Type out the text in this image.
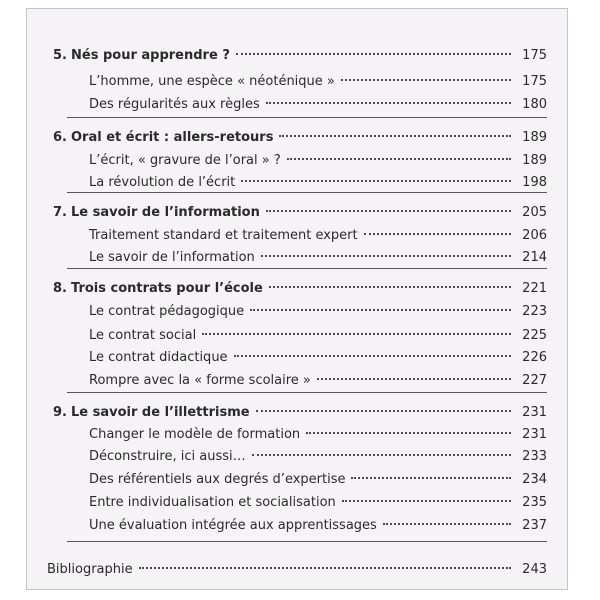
5. Nés pour apprendre ?	175
L’homme, une espèce « néoténique »	175
Des régularités aux règles	180
6. Oral et écrit : allers-retours	189
L’écrit, « gravure de l’oral » ?	189
La révolution de l’écrit	198
7. Le savoir de l’information	205
Traitement standard et traitement expert	206
Le savoir de l’information	214
8. Trois contrats pour l’école	221
Le contrat pédagogique	223
Le contrat social	225
Le contrat didactique	226
Rompre avec la « forme scolaire »	227
9. Le savoir de l’illettrisme	231
Changer le modèle de formation	231
Déconstruire, ici aussi…	233
Des référentiels aux degrés d’expertise	234
Entre individualisation et socialisation	235
Une évaluation intégrée aux apprentissages	237
Bibliographie	243
